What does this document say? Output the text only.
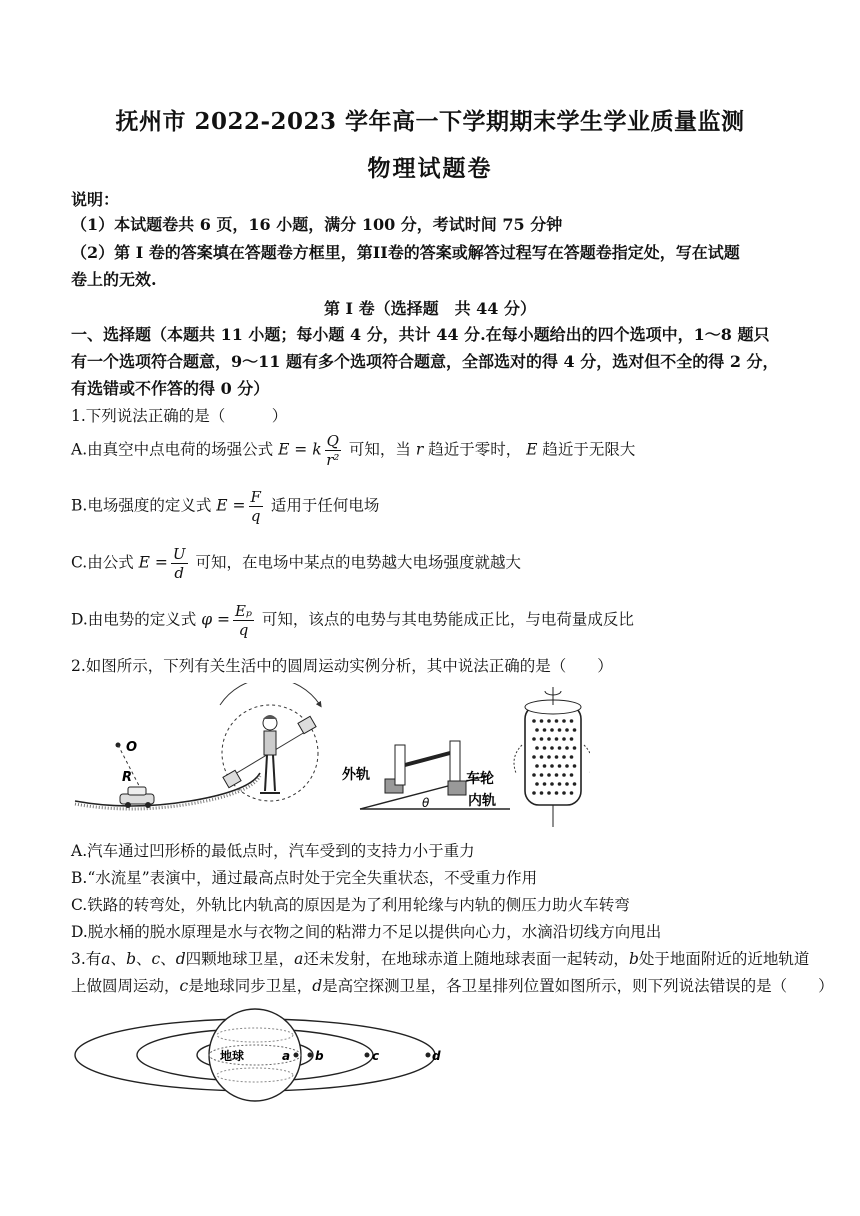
抚州市 2022-2023 学年高一下学期期末学生学业质量监测
物理试题卷
说明：
（1）本试题卷共 6 页，16 小题，满分 100 分，考试时间 75 分钟
（2）第 I 卷的答案填在答题卷方框里，第II卷的答案或解答过程写在答题卷指定处，写在试题
卷上的无效.
第 I 卷（选择题　共 44 分）
一、选择题（本题共 11 小题；每小题 4 分，共计 44 分.在每小题给出的四个选项中，1～8 题只
有一个选项符合题意，9～11 题有多个选项符合题意，全部选对的得 4 分，选对但不全的得 2 分，
有选错或不作答的得 0 分）
1.下列说法正确的是（　　　）
A.由真空中点电荷的场强公式 E = k $\frac{Q}{\text{r²}}$ 可知，当 r 趋近于零时， E 趋近于无限大
B.电场强度的定义式 $E = \frac{F}{q}$ 适用于任何电场
C.由公式 $E = \frac{U}{d}$ 可知，在电场中某点的电势越大电场强度就越大
D.由电势的定义式 $\varphi = \frac{\text{Eₚ}}{q}$ 可知，该点的电势与其电势能成正比，与电荷量成反比
2.如图所示，下列有关生活中的圆周运动实例分析，其中说法正确的是（　　）
O
R	外轨	车轮
内轨
θ
A.汽车通过凹形桥的最低点时，汽车受到的支持力小于重力
B.“水流星”表演中，通过最高点时处于完全失重状态，不受重力作用
C.铁路的转弯处，外轨比内轨高的原因是为了利用轮缘与内轨的侧压力助火车转弯
D.脱水桶的脱水原理是水与衣物之间的粘滞力不足以提供向心力，水滴沿切线方向甩出
3.有a、b、c、d四颗地球卫星，a还未发射，在地球赤道上随地球表面一起转动，b处于地面附近的近地轨道
上做圆周运动，c是地球同步卫星，d是高空探测卫星，各卫星排列位置如图所示，则下列说法错误的是（　　）
地球	a b	c	d
